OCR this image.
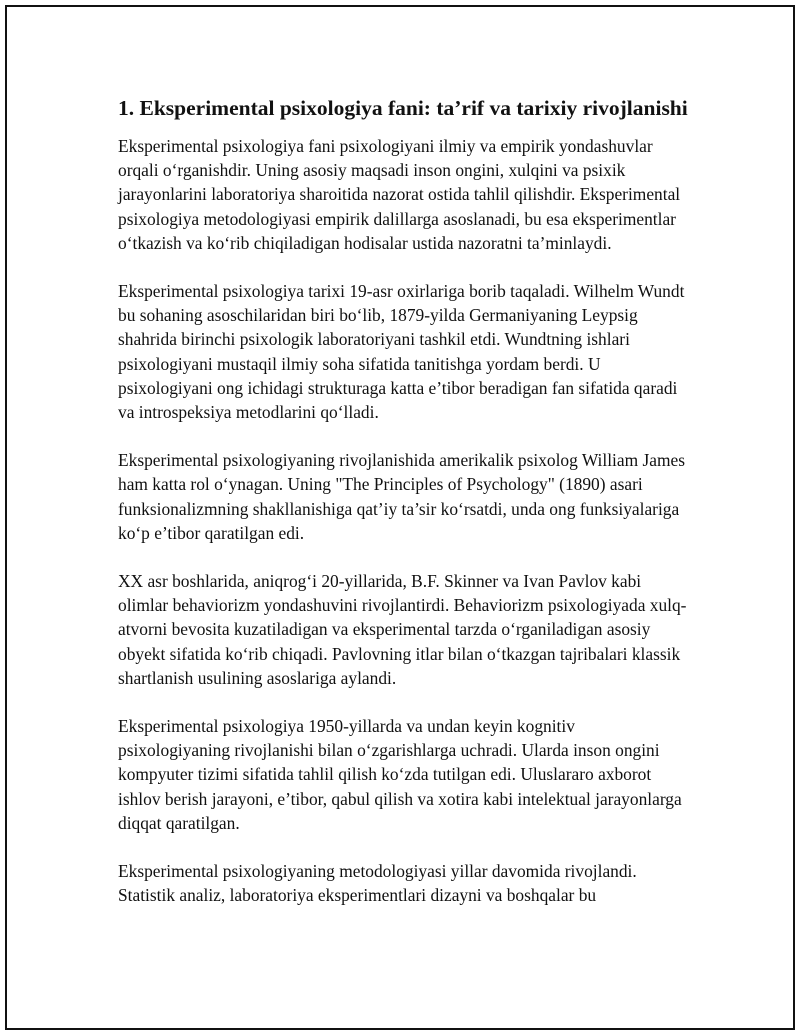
1. Eksperimental psixologiya fani: ta’rif va tarixiy rivojlanishi

Eksperimental psixologiya fani psixologiyani ilmiy va empirik yondashuvlar orqali o‘rganishdir. Uning asosiy maqsadi inson ongini, xulqini va psixik jarayonlarini laboratoriya sharoitida nazorat ostida tahlil qilishdir. Eksperimental psixologiya metodologiyasi empirik dalillarga asoslanadi, bu esa eksperimentlar o‘tkazish va ko‘rib chiqiladigan hodisalar ustida nazoratni ta’minlaydi.

Eksperimental psixologiya tarixi 19-asr oxirlariga borib taqaladi. Wilhelm Wundt bu sohaning asoschilaridan biri bo‘lib, 1879-yilda Germaniyaning Leypsig shahrida birinchi psixologik laboratoriyani tashkil etdi. Wundtning ishlari psixologiyani mustaqil ilmiy soha sifatida tanitishga yordam berdi. U psixologiyani ong ichidagi strukturaga katta e’tibor beradigan fan sifatida qaradi va introspeksiya metodlarini qo‘lladi.

Eksperimental psixologiyaning rivojlanishida amerikalik psixolog William James ham katta rol o‘ynagan. Uning "The Principles of Psychology" (1890) asari funksionalizmning shakllanishiga qat’iy ta’sir ko‘rsatdi, unda ong funksiyalariga ko‘p e’tibor qaratilgan edi.

XX asr boshlarida, aniqrog‘i 20-yillarida, B.F. Skinner va Ivan Pavlov kabi olimlar behaviorizm yondashuvini rivojlantirdi. Behaviorizm psixologiyada xulq-atvorni bevosita kuzatiladigan va eksperimental tarzda o‘rganiladigan asosiy obyekt sifatida ko‘rib chiqadi. Pavlovning itlar bilan o‘tkazgan tajribalari klassik shartlanish usulining asoslariga aylandi.

Eksperimental psixologiya 1950-yillarda va undan keyin kognitiv psixologiyaning rivojlanishi bilan o‘zgarishlarga uchradi. Ularda inson ongini kompyuter tizimi sifatida tahlil qilish ko‘zda tutilgan edi. Uluslararo axborot ishlov berish jarayoni, e’tibor, qabul qilish va xotira kabi intelektual jarayonlarga diqqat qaratilgan.

Eksperimental psixologiyaning metodologiyasi yillar davomida rivojlandi. Statistik analiz, laboratoriya eksperimentlari dizayni va boshqalar bu
